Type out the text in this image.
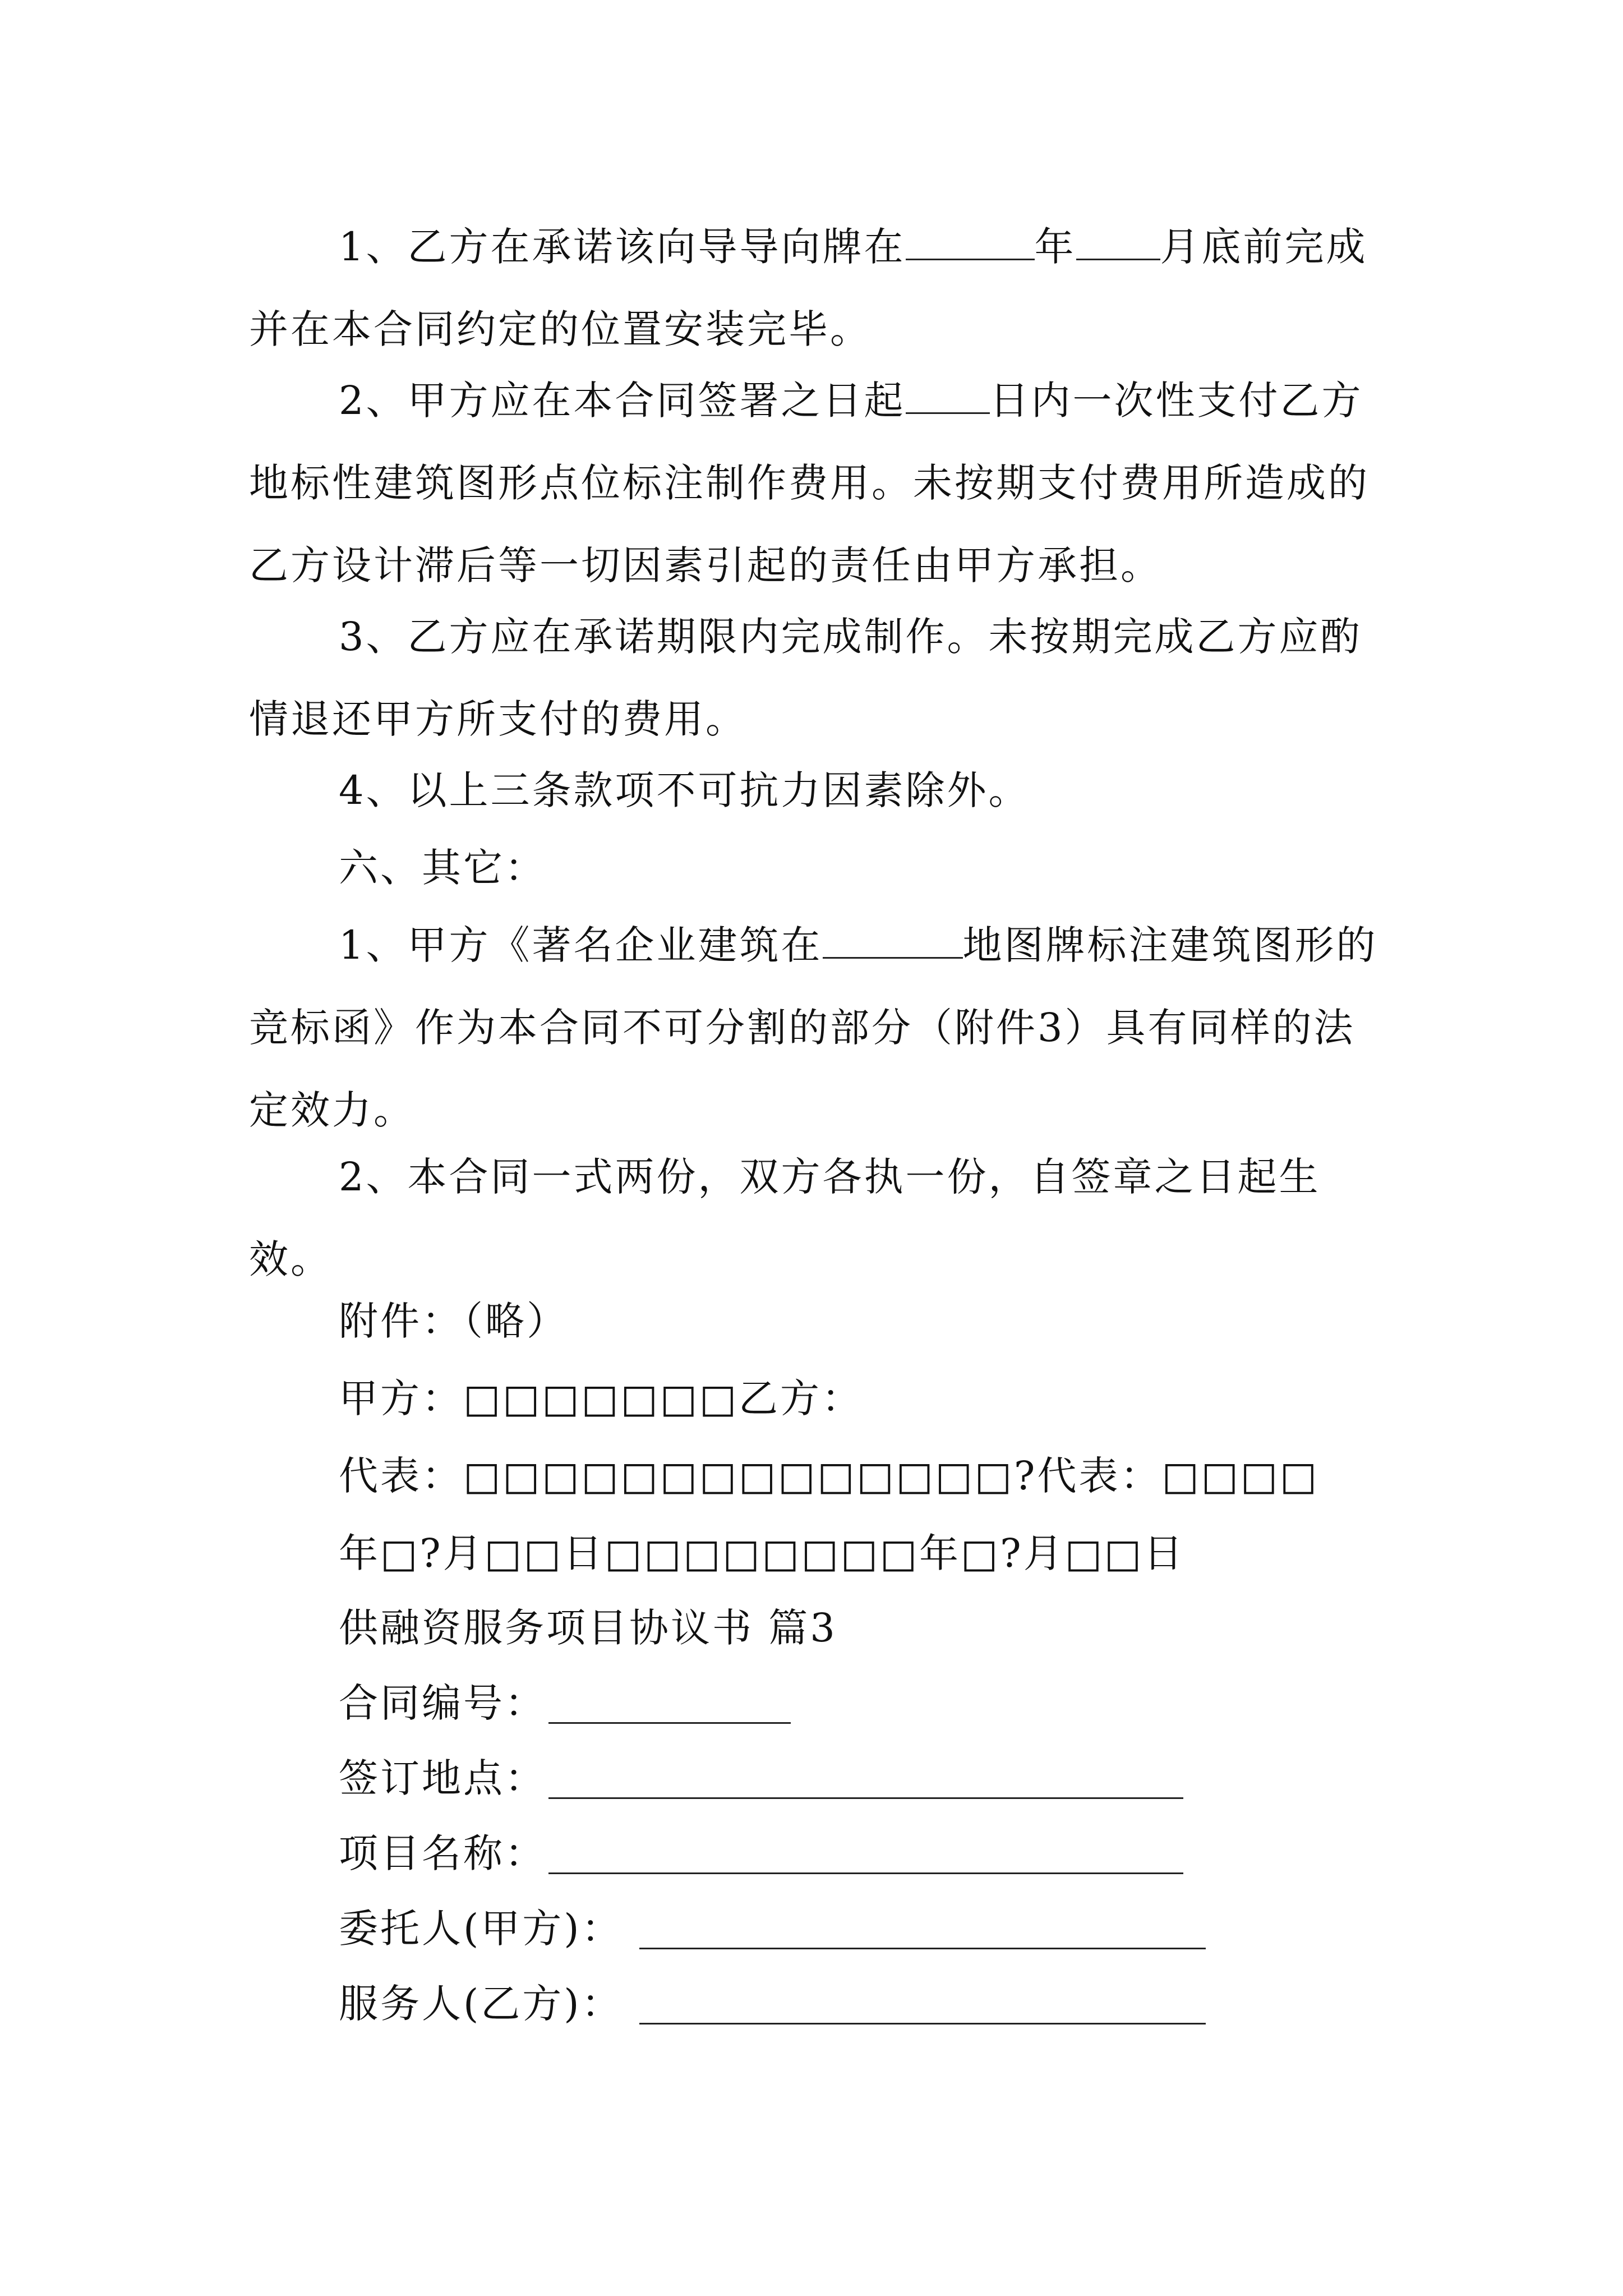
1、乙方在承诺该向导导向牌在	年 月底前完成并在本合同约定的位置安装完毕。

2、甲方应在本合同签署之日起 日内一次性支付乙方地标性建筑图形点位标注制作费用。未按期支付费用所造成的乙方设计滞后等一切因素引起的责任由甲方承担。

3、乙方应在承诺期限内完成制作。未按期完成乙方应酌情退还甲方所支付的费用。

4、以上三条款项不可抗力因素除外。

六、其它：

1、甲方《著名企业建筑在	地图牌标注建筑图形的竞标函》作为本合同不可分割的部分（附件3）具有同样的法定效力。

2、本合同一式两份，双方各执一份，自签章之日起生效。

附件：（略）

甲方：□□□□□□□乙方：

代表：□□□□□□□□□□□□□□?代表：□□□□

年□?月□□日□□□□□□□□年□?月□□日

供融资服务项目协议书 篇3

合同编号：

签订地点：

项目名称：

委托人(甲方)：

服务人(乙方)：
